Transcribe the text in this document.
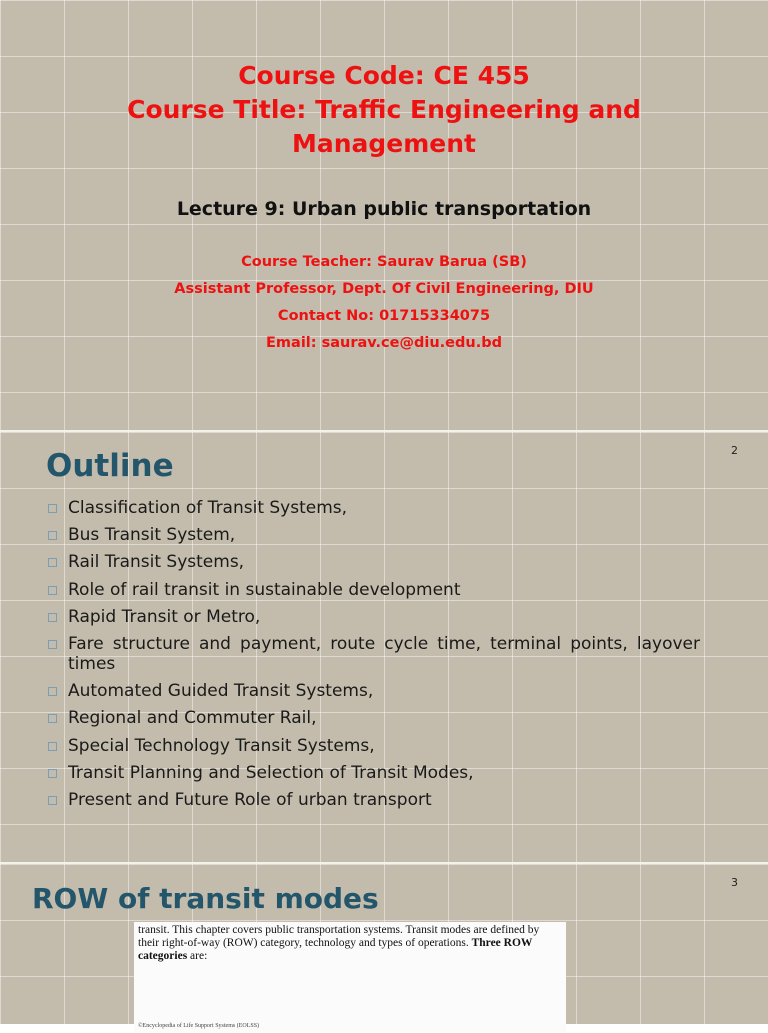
Course Code: CE 455
Course Title: Traffic Engineering and
Management
Lecture 9: Urban public transportation
Course Teacher: Saurav Barua (SB)
Assistant Professor, Dept. Of Civil Engineering, DIU
Contact No: 01715334075
Email: saurav.ce@diu.edu.bd
Outline	2
Classification of Transit Systems,
Bus Transit System,
Rail Transit Systems,
Role of rail transit in sustainable development
Rapid Transit or Metro,
Fare structure and payment, route cycle time, terminal points, layover times
Automated Guided Transit Systems,
Regional and Commuter Rail,
Special Technology Transit Systems,
Transit Planning and Selection of Transit Modes,
Present and Future Role of urban transport
ROW of transit modes	3
transit. This chapter covers public transportation systems. Transit modes are defined by their right-of-way (ROW) category, technology and types of operations. Three ROW categories are:
©Encyclopedia of Life Support Systems (EOLSS)
